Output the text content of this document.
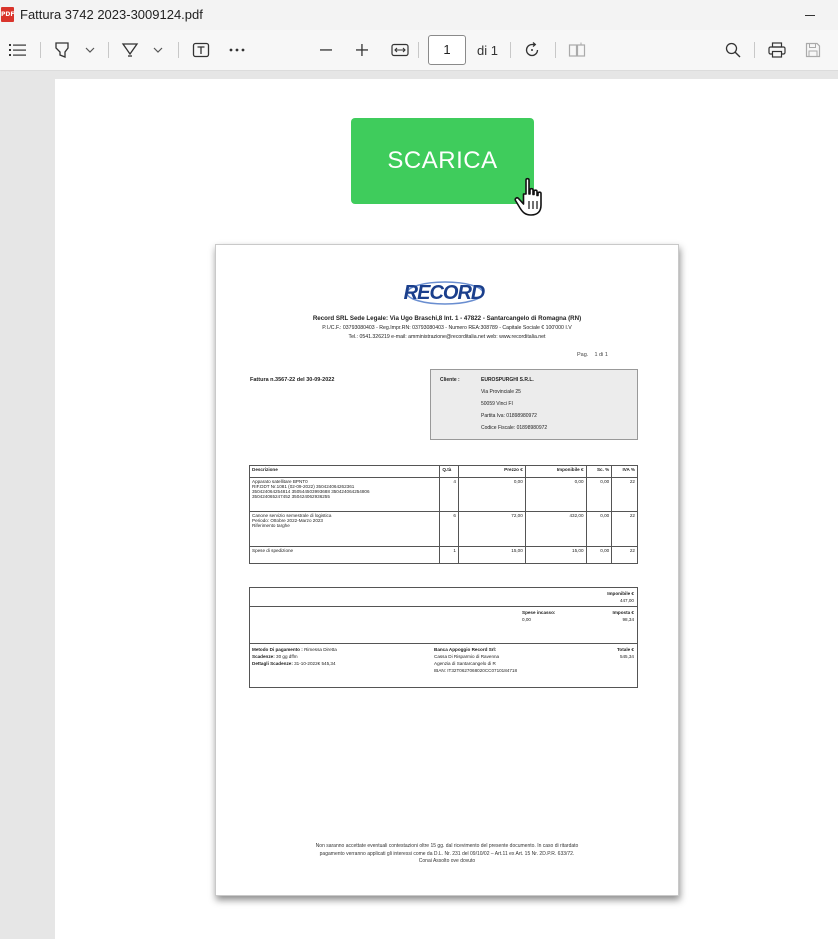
PDF Fattura 3742 2023-3009124.pdf
1	di 1
SCARICA
RECORD
Record SRL Sede Legale: Via Ugo Braschi,8 Int. 1 - 47822 - Santarcangelo di Romagna (RN)
P.I./C.F.: 03793080403 - Reg.Impr.RN: 03793080403 - Numero REA:308789 - Capitale Sociale € 100'000 I.V
Tel.: 0541.326219 e-mail: amministrazione@recorditalia.net web: www.recorditalia.net
Pag. 1 di 1
Fattura n.3567-22 del 30-09-2022	Cliente :	EUROSPURGHI S.R.L.
Via Provinciale 25
50059 Vinci FI
Partita Iva: 01898980972
Codice Fiscale: 01898980972
Descrizione	Q.tà	Prezzo €	Imponibile €	Sc. %	IVA %

Apparato satellitare BPNT0
RIF.DDT Nr.1081 (02-09-2022) 350424064262361
350424064254814 350544503993688 350424064254806
350424065247452 350424062936255	4	0,00	0,00	0,00	22

Canone servizio semestrale di logistica
Periodo: Ottobre 2022-Marzo 2023
Riferimento targhe	6	72,00	432,00	0,00	22

Spese di spedizione	1	15,00	15,00	0,00	22
Imponibile €
447,00
Spese incasso:
0,00
Imposta €
98,34
Metodo Di pagamento : Rimessa Diretta
Scadenze: 30 gg dffm
Dettagli Scadenze: 31-10-2022€ 545,34
Banca Appoggio Record Srl:
Cassa Di Risparmio di Ravenna
Agenzia di Santarcangelo di R
IBAN: IT32T0627068020CC0710184718
Totale €
545,34
Non saranno accettate eventuali contestazioni oltre 15 gg. dal ricevimento del presente documento. In caso di ritardato
pagamento verranno applicati gli interessi come da D.L. Nr. 231 del 09/10/02 – Art.11 ex Art. 15 Nr. 2D.P.R. 633/72.
Conai Assolto ove dovuto
